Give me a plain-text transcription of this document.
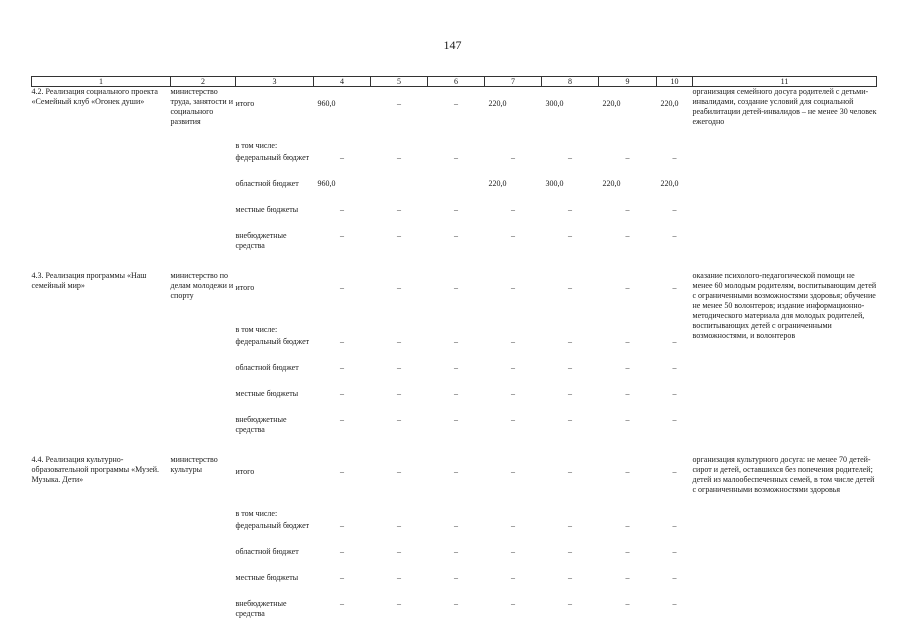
147
1	2	3	4	5	6	7	8	9	10	11
4.2. Реализация социального проекта «Семейный клуб «Огонек души»	министерство труда, занятости и социального развития	итого	960,0	–	–	220,0	300,0	220,0	220,0	организация семейного досуга родителей с детьми-инвалидами, создание условий для социальной реабилитации детей-инвалидов – не менее 30 человек ежегодно
		в том числе:								
		федеральный бюджет	–	–	–	–	–	–	–	
		областной бюджет	960,0			220,0	300,0	220,0	220,0	
		местные бюджеты	–	–	–	–	–	–	–	
		внебюджетные средства	–	–	–	–	–	–	–	

4.3. Реализация программы «Наш семейный мир»	министерство по делам молодежи и спорту	итого	–	–	–	–	–	–	–	оказание психолого-педагогической помощи не менее 60 молодым родителям, воспитывающим детей с ограниченными возможностями здоровья; обучение не менее 50 волонтеров; издание информационно-методического материала для молодых родителей, воспитывающих детей с ограниченными возможностями, и волонтеров
		в том числе:								
		федеральный бюджет	–	–	–	–	–	–	–	
		областной бюджет	–	–	–	–	–	–	–	
		местные бюджеты	–	–	–	–	–	–	–	
		внебюджетные средства	–	–	–	–	–	–	–	

4.4. Реализация культурно-образовательной программы «Музей. Музыка. Дети»	министерство культуры	итого	–	–	–	–	–	–	–	организация культурного досуга: не менее 70 детей-сирот и детей, оставшихся без попечения родителей; детей из малообеспеченных семей, в том числе детей с ограниченными возможностями здоровья
		в том числе:								
		федеральный бюджет	–	–	–	–	–	–	–	
		областной бюджет	–	–	–	–	–	–	–	
		местные бюджеты	–	–	–	–	–	–	–	
		внебюджетные средства	–	–	–	–	–	–	–	
